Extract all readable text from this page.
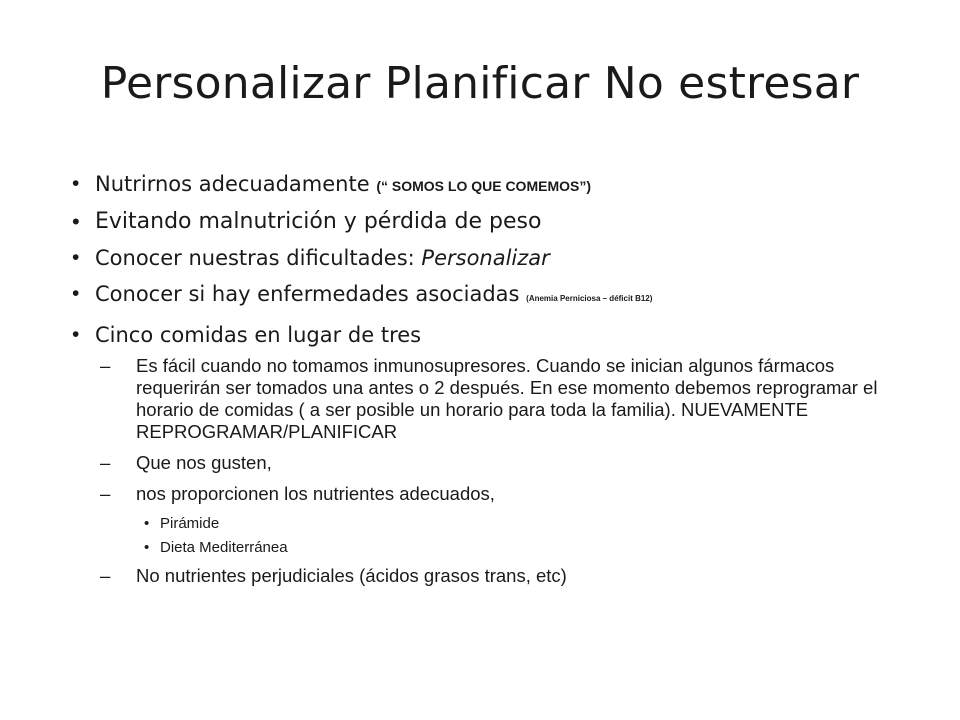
Personalizar Planificar No estresar
• Nutrirnos adecuadamente (“ SOMOS LO QUE COMEMOS”)
• Evitando malnutrición y pérdida de peso
• Conocer nuestras dificultades: Personalizar
• Conocer si hay enfermedades asociadas (Anemia Perniciosa – déficit B12)
• Cinco comidas en lugar de tres
– Es fácil cuando no tomamos inmunosupresores. Cuando se inician algunos fármacos requerirán ser tomados una antes o 2 después. En ese momento debemos reprogramar el horario de comidas ( a ser posible un horario para toda la familia). NUEVAMENTE REPROGRAMAR/PLANIFICAR
– Que nos gusten,
– nos proporcionen los nutrientes adecuados,
• Pirámide
• Dieta Mediterránea
– No nutrientes perjudiciales (ácidos grasos trans, etc)
